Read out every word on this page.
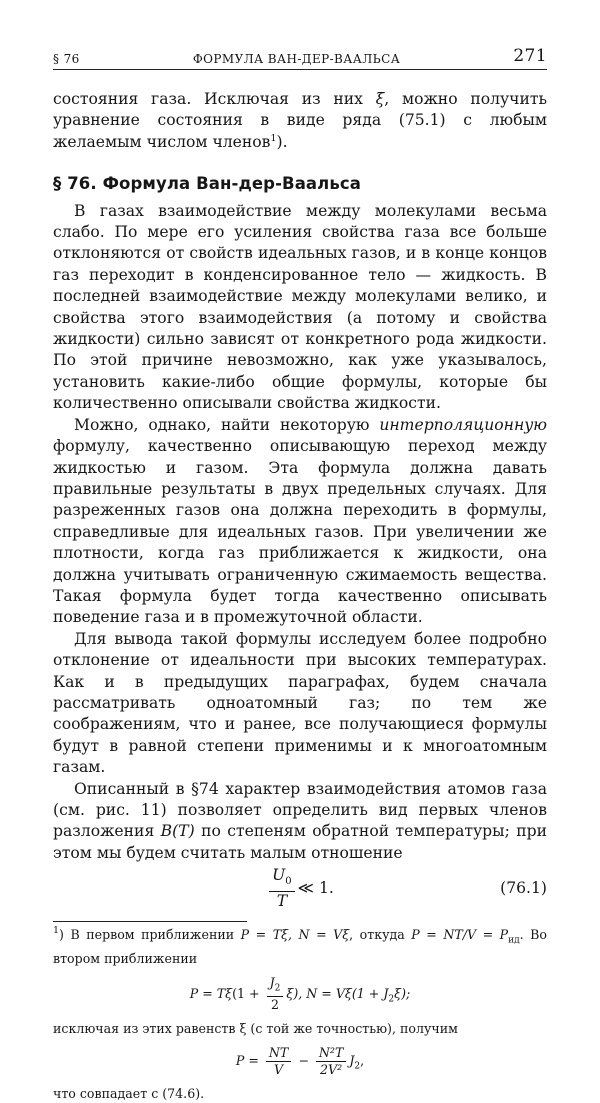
§ 76	ФОРМУЛА ВАН-ДЕР-ВААЛЬСА	271

состояния газа. Исключая из них ξ, можно получить уравнение состояния в виде ряда (75.1) с любым желаемым числом членов$^1$).

§ 76. Формула Ван-дер-Ваальса

В газах взаимодействие между молекулами весьма слабо. По мере его усиления свойства газа все больше отклоняются от свойств идеальных газов, и в конце концов газ переходит в конденсированное тело — жидкость. В последней взаимодействие между молекулами велико, и свойства этого взаимодействия (а потому и свойства жидкости) сильно зависят от конкретного рода жидкости. По этой причине невозможно, как уже указывалось, установить какие-либо общие формулы, которые бы количественно описывали свойства жидкости.

Можно, однако, найти некоторую интерполяционную формулу, качественно описывающую переход между жидкостью и газом. Эта формула должна давать правильные результаты в двух предельных случаях. Для разреженных газов она должна переходить в формулы, справедливые для идеальных газов. При увеличении же плотности, когда газ приближается к жидкости, она должна учитывать ограниченную сжимаемость вещества. Такая формула будет тогда качественно описывать поведение газа и в промежуточной области.

Для вывода такой формулы исследуем более подробно отклонение от идеальности при высоких температурах. Как и в предыдущих параграфах, будем сначала рассматривать одноатомный газ; по тем же соображениям, что и ранее, все получающиеся формулы будут в равной степени применимы и к многоатомным газам.

Описанный в §74 характер взаимодействия атомов газа (см. рис. 11) позволяет определить вид первых членов разложения B(T) по степеням обратной температуры; при этом мы будем считать малым отношение

$\frac{U_0}{T}$ ≪ 1.	(76.1)

$^1$) В первом приближении P = Tξ, N = Vξ, откуда $P = NT/V = P_{ид}$. Во втором приближении

$P = T\xi(1 + \frac{J_2}{2} \xi)$, $N = V\xi(1 + J_2\xi)$;

исключая из этих равенств ξ (с той же точностью), получим

$P = \frac{NT}{V} - \frac{\text{N²T}}{\text{2V²}} J_2$,

что совпадает с (74.6).
